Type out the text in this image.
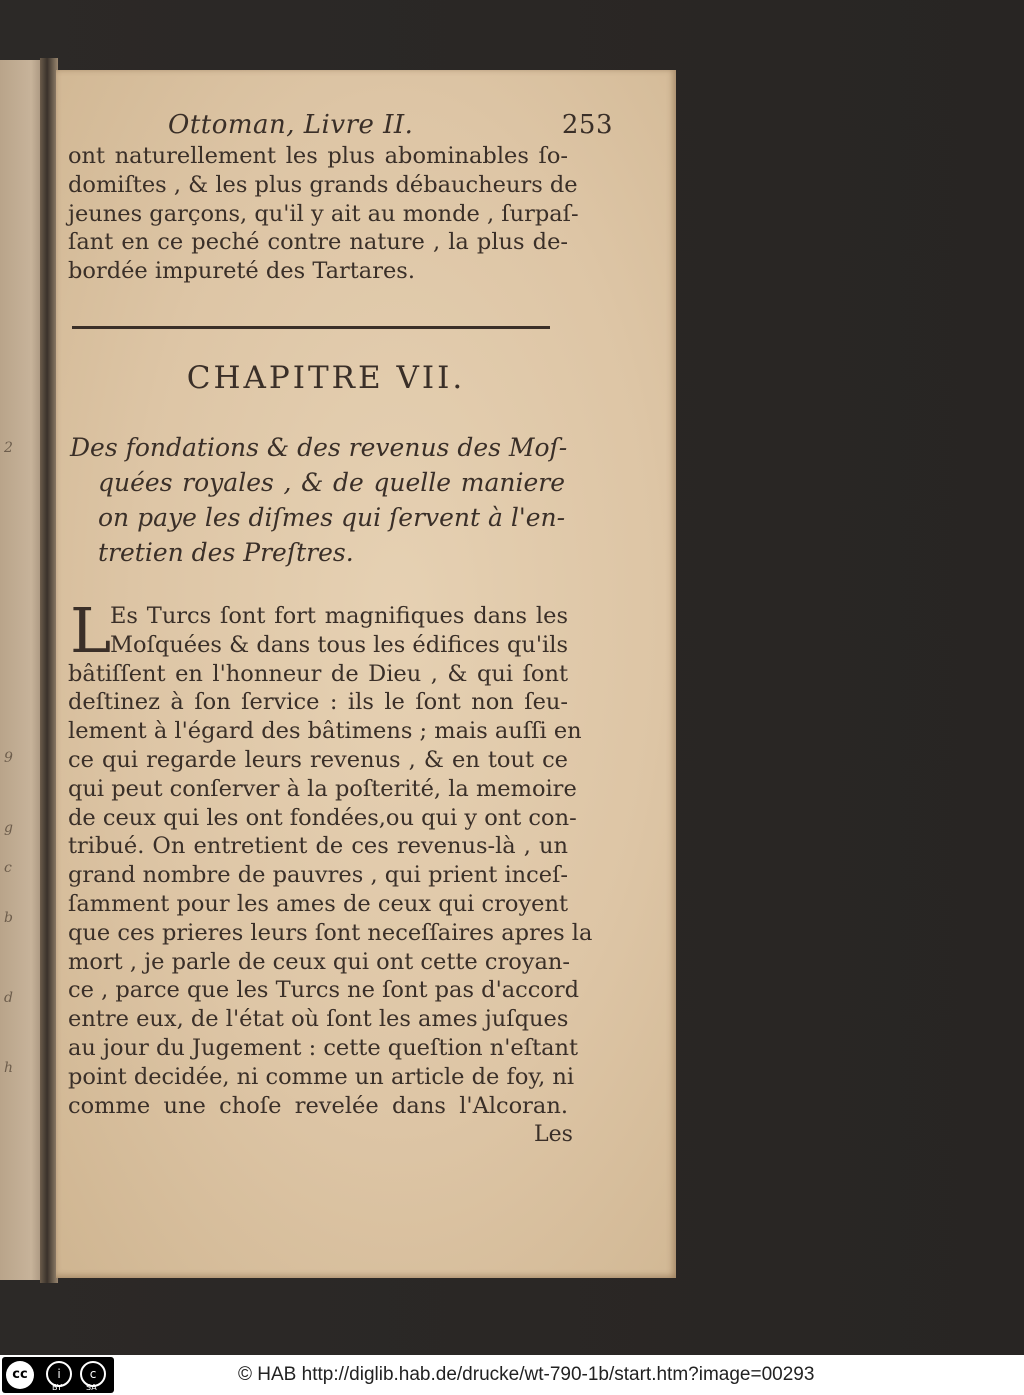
2
9
g
c
b
d
h
Ottoman, Livre II.	253
ont naturellement les plus abominables ſo-
domiſtes , & les plus grands débaucheurs de
jeunes garçons, qu'il y ait au monde , ſurpaſ-
ſant en ce peché contre nature , la plus de-
bordée impureté des Tartares.
CHAPITRE VII.
Des fondations & des revenus des Moſ-
quées royales , & de quelle maniere
on paye les diſmes qui ſervent à l'en-
tretien des Preſtres.
L
Es Turcs ſont fort magnifiques dans les
Moſquées & dans tous les édifices qu'ils
bâtiſſent en l'honneur de Dieu , & qui ſont
deſtinez à ſon ſervice : ils le ſont non ſeu-
lement à l'égard des bâtimens ; mais auſſi en
ce qui regarde leurs revenus , & en tout ce
qui peut conſerver à la poſterité, la memoire
de ceux qui les ont fondées,ou qui y ont con-
tribué. On entretient de ces revenus-là , un
grand nombre de pauvres , qui prient inceſ-
ſamment pour les ames de ceux qui croyent
que ces prieres leurs ſont neceſſaires apres la
mort , je parle de ceux qui ont cette croyan-
ce , parce que les Turcs ne ſont pas d'accord
entre eux, de l'état où ſont les ames juſques
au jour du Jugement : cette queſtion n'eſtant
point decidée, ni comme un article de foy, ni
comme une choſe revelée dans l'Alcoran.
Les
cc	i	c
BY	SA
© HAB http://diglib.hab.de/drucke/wt-790-1b/start.htm?image=00293
